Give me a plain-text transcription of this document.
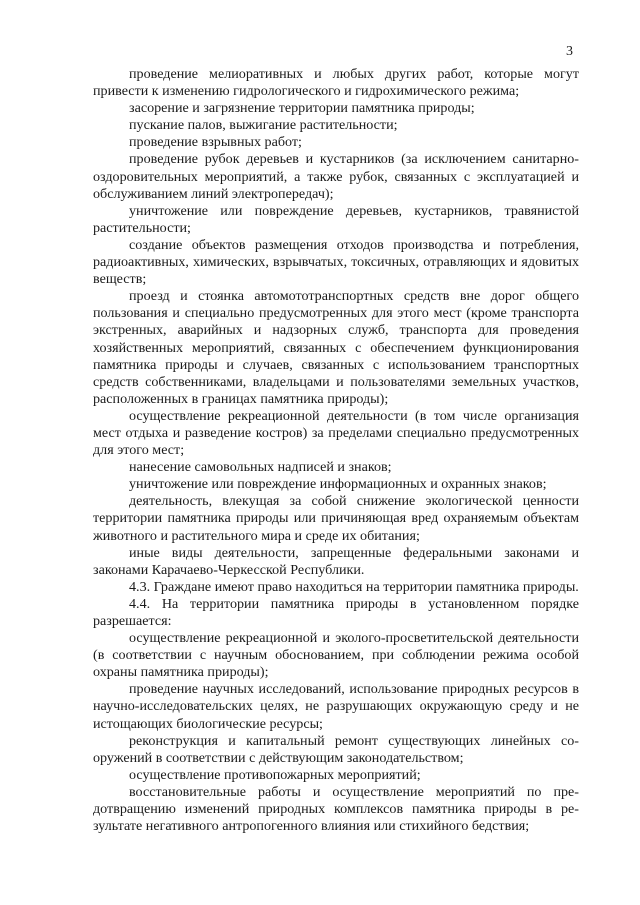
3

проведение мелиоративных и любых других работ, которые могут привести к изменению гидрологического и гидрохимического режима;

засорение и загрязнение территории памятника природы;

пускание палов, выжигание растительности;

проведение взрывных работ;

проведение рубок деревьев и кустарников (за исключением санитарно-оздоровительных мероприятий, а также рубок, связанных с эксплуатацией и обслуживанием линий электропередач);

уничтожение или повреждение деревьев, кустарников, травянистой растительности;

создание объектов размещения отходов производства и потребления, радиоактивных, химических, взрывчатых, токсичных, отравляющих и ядовитых веществ;

проезд и стоянка автомототранспортных средств вне дорог общего пользования и специально предусмотренных для этого мест (кроме транспорта экстренных, аварийных и надзорных служб, транспорта для проведения хозяйственных мероприятий, связанных с обеспечением функционирования памятника природы и случаев, связанных с использованием транспортных средств собственниками, владельцами и пользователями земельных участков, расположенных в границах памятника природы);

осуществление рекреационной деятельности (в том числе организация мест отдыха и разведение костров) за пределами специально предусмотренных для этого мест;

нанесение самовольных надписей и знаков;

уничтожение или повреждение информационных и охранных знаков;

деятельность, влекущая за собой снижение экологической ценности территории памятника природы или причиняющая вред охраняемым объектам животного и растительного мира и среде их обитания;

иные виды деятельности, запрещенные федеральными законами и законами Карачаево-Черкесской Республики.

4.3. Граждане имеют право находиться на территории памятника природы.

4.4. На территории памятника природы в установленном порядке разрешается:

осуществление рекреационной и эколого-просветительской деятельности (в соответствии с научным обоснованием, при соблюдении режима особой охраны памятника природы);

проведение научных исследований, использование природных ресурсов в научно-исследовательских целях, не разрушающих окружающую среду и не истощающих биологические ресурсы;

реконструкция и капитальный ремонт существующих линейных сооружений в соответствии с действующим законодательством;

осуществление противопожарных мероприятий;

восстановительные работы и осуществление мероприятий по предотвращению изменений природных комплексов памятника природы в результате негативного антропогенного влияния или стихийного бедствия;
